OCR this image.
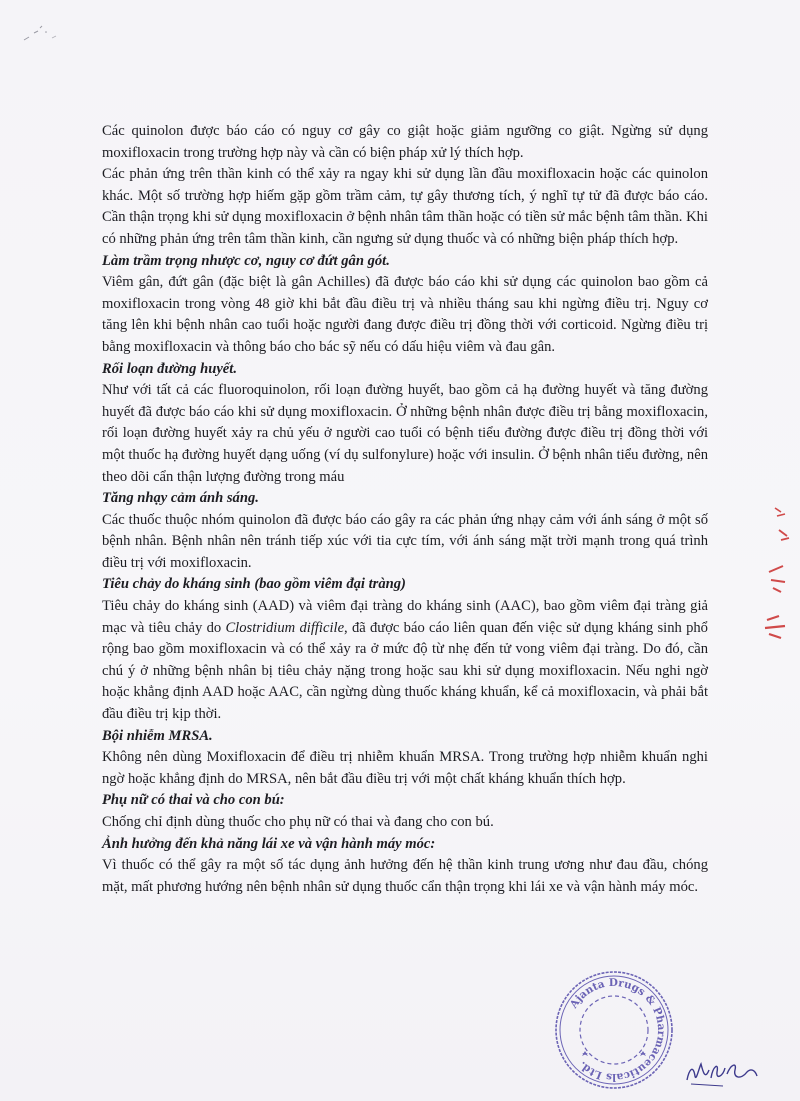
Các quinolon được báo cáo có nguy cơ gây co giật hoặc giảm ngưỡng co giật. Ngừng sử dụng moxifloxacin trong trường hợp này và cần có biện pháp xử lý thích hợp.

Các phản ứng trên thần kinh có thể xảy ra ngay khi sử dụng lần đầu moxifloxacin hoặc các quinolon khác. Một số trường hợp hiếm gặp gồm trầm cảm, tự gây thương tích, ý nghĩ tự tử đã được báo cáo. Cần thận trọng khi sử dụng moxifloxacin ở bệnh nhân tâm thần hoặc có tiền sử mắc bệnh tâm thần. Khi có những phản ứng trên tâm thần kinh, cần ngưng sử dụng thuốc và có những biện pháp thích hợp.

Làm trầm trọng nhược cơ, nguy cơ đứt gân gót.

Viêm gân, đứt gân (đặc biệt là gân Achilles) đã được báo cáo khi sử dụng các quinolon bao gồm cả moxifloxacin trong vòng 48 giờ khi bắt đầu điều trị và nhiều tháng sau khi ngừng điều trị. Nguy cơ tăng lên khi bệnh nhân cao tuổi hoặc người đang được điều trị đồng thời với corticoid. Ngừng điều trị bằng moxifloxacin và thông báo cho bác sỹ nếu có dấu hiệu viêm và đau gân.

Rối loạn đường huyết.

Như với tất cả các fluoroquinolon, rối loạn đường huyết, bao gồm cả hạ đường huyết và tăng đường huyết đã được báo cáo khi sử dụng moxifloxacin. Ở những bệnh nhân được điều trị bằng moxifloxacin, rối loạn đường huyết xảy ra chủ yếu ở người cao tuổi có bệnh tiểu đường được điều trị đồng thời với một thuốc hạ đường huyết dạng uống (ví dụ sulfonylure) hoặc với insulin. Ở bệnh nhân tiểu đường, nên theo dõi cẩn thận lượng đường trong máu

Tăng nhạy cảm ánh sáng.

Các thuốc thuộc nhóm quinolon đã được báo cáo gây ra các phản ứng nhạy cảm với ánh sáng ở một số bệnh nhân. Bệnh nhân nên tránh tiếp xúc với tia cực tím, với ánh sáng mặt trời mạnh trong quá trình điều trị với moxifloxacin.

Tiêu chảy do kháng sinh (bao gồm viêm đại tràng)

Tiêu chảy do kháng sinh (AAD) và viêm đại tràng do kháng sinh (AAC), bao gồm viêm đại tràng giả mạc và tiêu chảy do Clostridium difficile, đã được báo cáo liên quan đến việc sử dụng kháng sinh phổ rộng bao gồm moxifloxacin và có thể xảy ra ở mức độ từ nhẹ đến tử vong viêm đại tràng. Do đó, cần chú ý ở những bệnh nhân bị tiêu chảy nặng trong hoặc sau khi sử dụng moxifloxacin. Nếu nghi ngờ hoặc khẳng định AAD hoặc AAC, cần ngừng dùng thuốc kháng khuẩn, kể cả moxifloxacin, và phải bắt đầu điều trị kịp thời.

Bội nhiễm MRSA.

Không nên dùng Moxifloxacin để điều trị nhiễm khuẩn MRSA. Trong trường hợp nhiễm khuẩn nghi ngờ hoặc khẳng định do MRSA, nên bắt đầu điều trị với một chất kháng khuẩn thích hợp.

Phụ nữ có thai và cho con bú:

Chống chỉ định dùng thuốc cho phụ nữ có thai và đang cho con bú.

Ảnh hưởng đến khả năng lái xe và vận hành máy móc:

Vì thuốc có thể gây ra một số tác dụng ảnh hưởng đến hệ thần kinh trung ương như đau đầu, chóng mặt, mất phương hướng nên bệnh nhân sử dụng thuốc cẩn thận trọng khi lái xe và vận hành máy móc.

Ajanta Drugs & Pharmaceuticals Ltd.
